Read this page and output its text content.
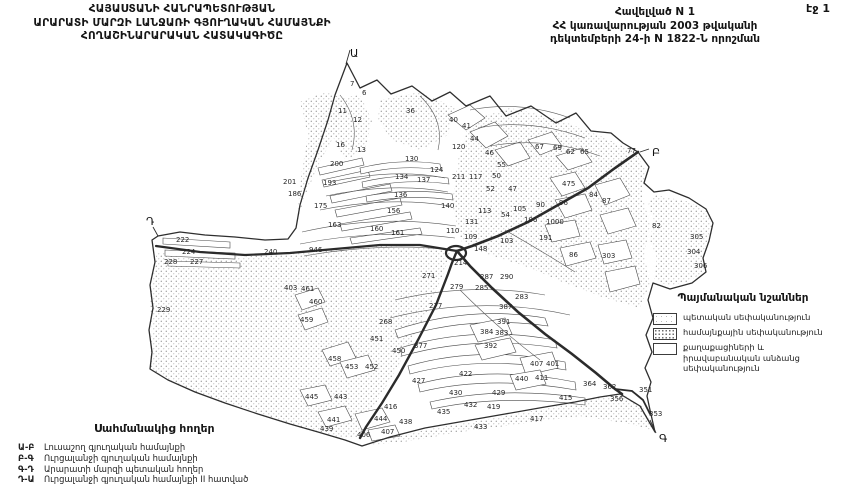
Ա
Բ
Գ
Դ
7
6
11
12
16
13
200
201	193
186
175
163	160 161
222
224
228 227
240	946
229
36
130
124
134 137
136
156
140
40
41
44
120
46
55
50
52 47
54
211 117
113
110
131
109
148
103
105
106
90 96
1000
191
67 69 62 65	77
475
84
87
86
82
303
305
304
306
214
271
277
279
287 290
285
283
268
377
450
451
460
403 461
459
458
453 452
387
391
384 383
392
407 401
440 411
427
422
430
432
429
419
435
438
433
416
444
443
445
441
439
406 407
417
415
364 362
356
351
353
ՀԱՅԱՍՏԱՆԻ ՀԱՆՐԱՊԵՏՈՒԹՅԱՆ
ԱՐԱՐԱՏԻ ՄԱՐԶԻ ԼԱՆՋԱՌԻ ԳՅՈՒՂԱԿԱՆ ՀԱՄԱՅՆՔԻ
ՀՈՂԱՇԻՆԱՐԱՐԱԿԱՆ ՀԱՏԱԿԱԳԻԾԸ
Հավելված N 1
ՀՀ կառավարության 2003 թվականի
դեկտեմբերի 24-ի N 1822-Ն որոշման
էջ 1
Պայմանական նշաններ
պետական սեփականություն
համայնքային սեփականություն
քաղաքացիների և իրավաբանական անձանց սեփականություն
Սահմանակից հողեր
Ա-Բ Լուսաշող գյուղական համայնքի
Բ-Գ Ուրցալանջի գյուղական համայնքի
Գ-Դ Արարատի մարզի պետական հողեր
Դ-Ա Ուրցալանջի գյուղական համայնքի II հատված
